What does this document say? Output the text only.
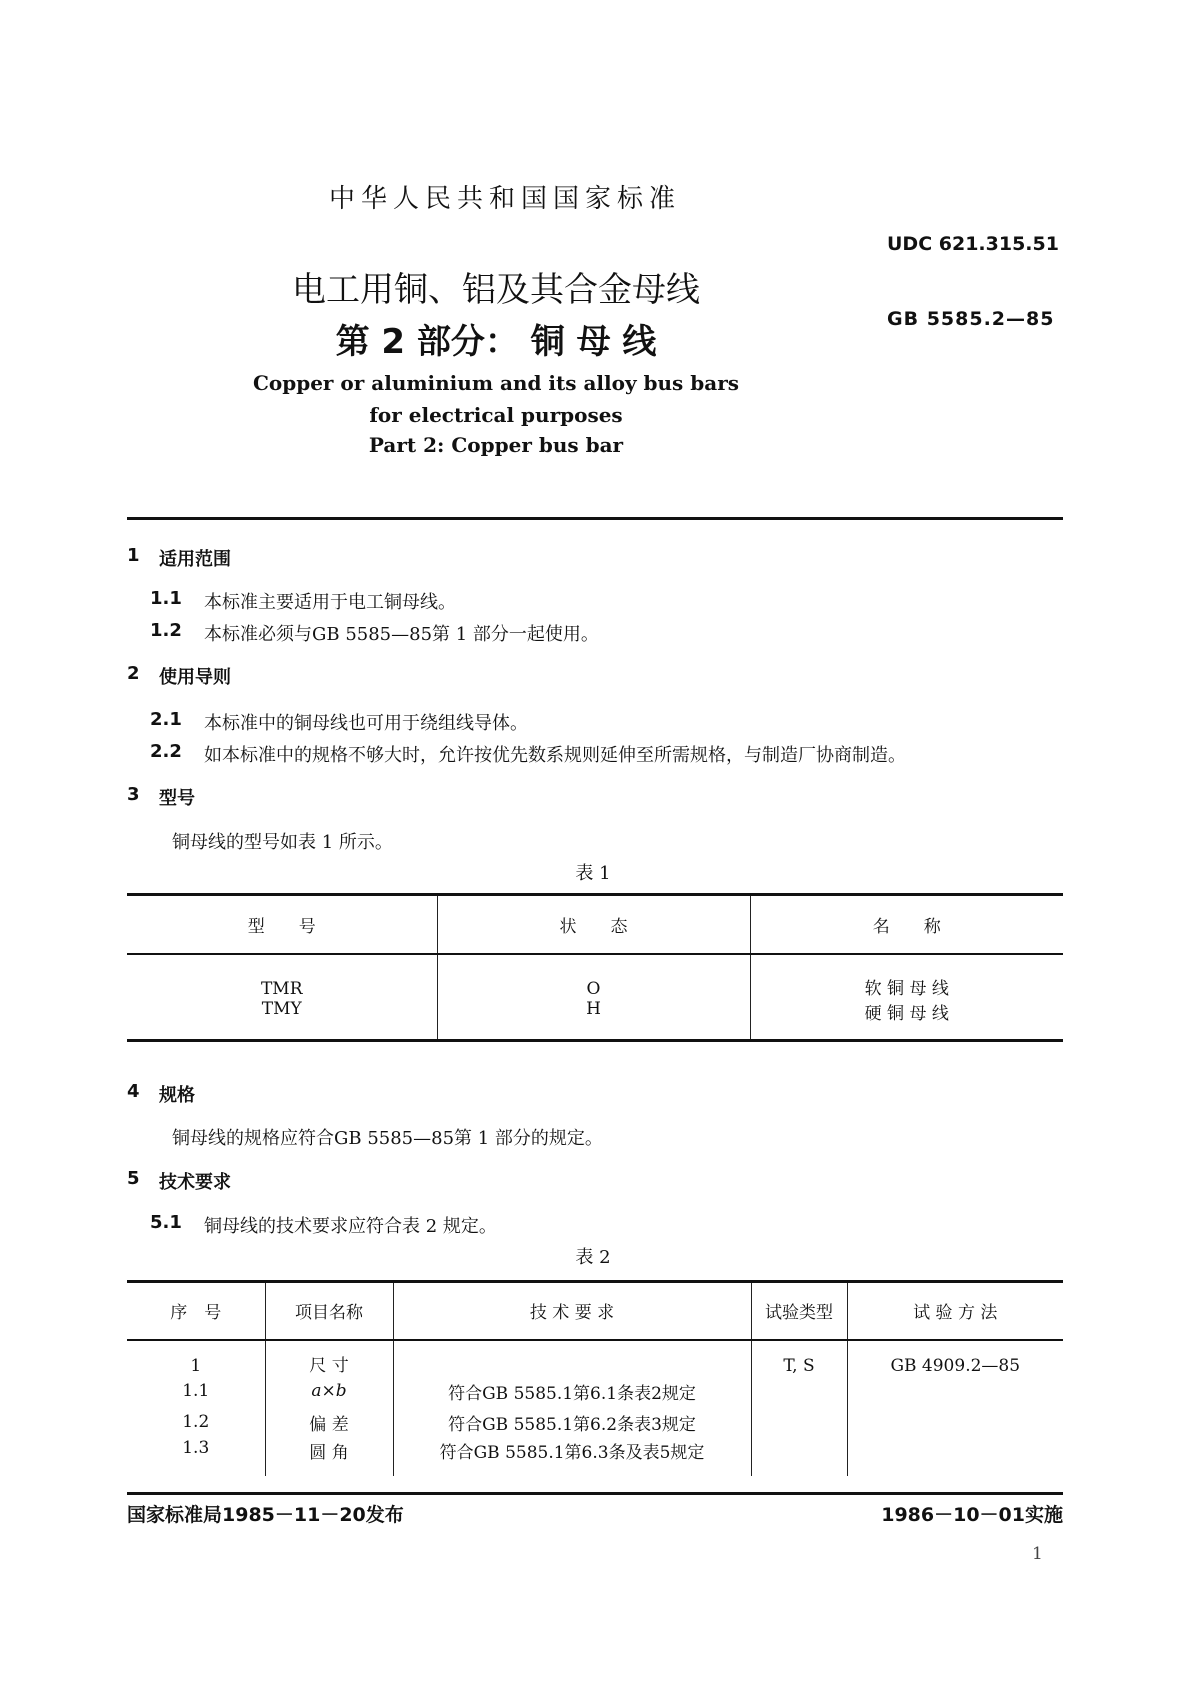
中华人民共和国国家标准
UDC 621.315.51
GB 5585.2—85
电工用铜、铝及其合金母线
第 2 部分： 铜 母 线
Copper or aluminium and its alloy bus bars
for electrical purposes
Part 2: Copper bus bar
1 适用范围
1.1 本标准主要适用于电工铜母线。
1.2 本标准必须与GB 5585—85第 1 部分一起使用。
2 使用导则
2.1 本标准中的铜母线也可用于绕组线导体。
2.2 如本标准中的规格不够大时，允许按优先数系规则延伸至所需规格，与制造厂协商制造。
3 型号
铜母线的型号如表 1 所示。
表 1
型　　号	状　　态	名　　称
TMR	O	软 铜 母 线
TMY	H	硬 铜 母 线
4 规格
铜母线的规格应符合GB 5585—85第 1 部分的规定。
5 技术要求
5.1 铜母线的技术要求应符合表 2 规定。
表 2
序　号	项目名称	技 术 要 求	试验类型	试 验 方 法
1	尺 寸		T, S	GB 4909.2—85
1.1	a×b	符合GB 5585.1第6.1条表2规定		
1.2	偏 差	符合GB 5585.1第6.2条表3规定		
1.3	圆 角	符合GB 5585.1第6.3条及表5规定		
国家标准局1985－11－20发布	1986－10－01实施
1
